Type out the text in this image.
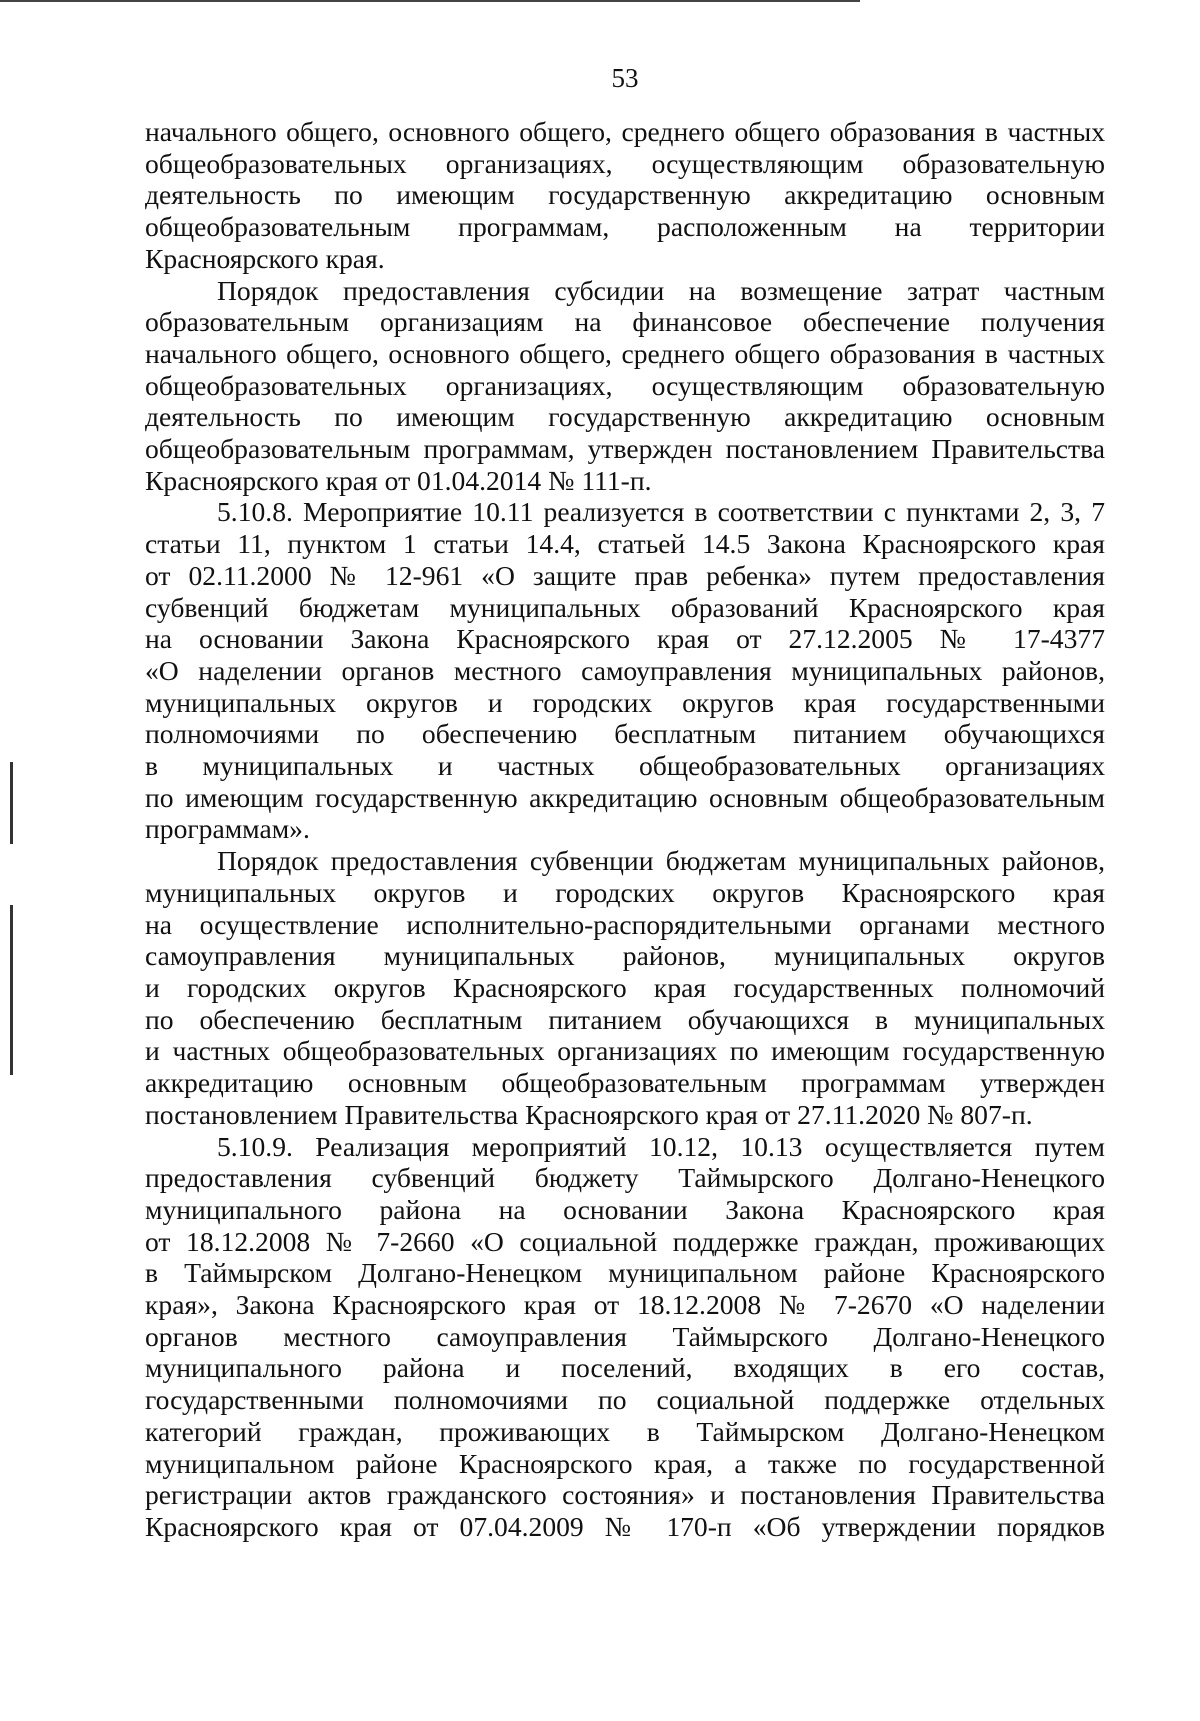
53

начального общего, основного общего, среднего общего образования в частных
общеобразовательных организациях, осуществляющим образовательную
деятельность по имеющим государственную аккредитацию основным
общеобразовательным программам, расположенным на территории
Красноярского края.

Порядок предоставления субсидии на возмещение затрат частным
образовательным организациям на финансовое обеспечение получения
начального общего, основного общего, среднего общего образования в частных
общеобразовательных организациях, осуществляющим образовательную
деятельность по имеющим государственную аккредитацию основным
общеобразовательным программам, утвержден постановлением Правительства
Красноярского края от 01.04.2014 № 111-п.

5.10.8. Мероприятие 10.11 реализуется в соответствии с пунктами 2, 3, 7
статьи 11, пунктом 1 статьи 14.4, статьей 14.5 Закона Красноярского края
от 02.11.2000 № 12-961 «О защите прав ребенка» путем предоставления
субвенций бюджетам муниципальных образований Красноярского края
на основании Закона Красноярского края от 27.12.2005 № 17-4377
«О наделении органов местного самоуправления муниципальных районов,
муниципальных округов и городских округов края государственными
полномочиями по обеспечению бесплатным питанием обучающихся
в муниципальных и частных общеобразовательных организациях
по имеющим государственную аккредитацию основным общеобразовательным
программам».

Порядок предоставления субвенции бюджетам муниципальных районов,
муниципальных округов и городских округов Красноярского края
на осуществление исполнительно-распорядительными органами местного
самоуправления муниципальных районов, муниципальных округов
и городских округов Красноярского края государственных полномочий
по обеспечению бесплатным питанием обучающихся в муниципальных
и частных общеобразовательных организациях по имеющим государственную
аккредитацию основным общеобразовательным программам утвержден
постановлением Правительства Красноярского края от 27.11.2020 № 807-п.

5.10.9. Реализация мероприятий 10.12, 10.13 осуществляется путем
предоставления субвенций бюджету Таймырского Долгано-Ненецкого
муниципального района на основании Закона Красноярского края
от 18.12.2008 № 7-2660 «О социальной поддержке граждан, проживающих
в Таймырском Долгано-Ненецком муниципальном районе Красноярского
края», Закона Красноярского края от 18.12.2008 № 7-2670 «О наделении
органов местного самоуправления Таймырского Долгано-Ненецкого
муниципального района и поселений, входящих в его состав,
государственными полномочиями по социальной поддержке отдельных
категорий граждан, проживающих в Таймырском Долгано-Ненецком
муниципальном районе Красноярского края, а также по государственной
регистрации актов гражданского состояния» и постановления Правительства
Красноярского края от 07.04.2009 № 170-п «Об утверждении порядков
